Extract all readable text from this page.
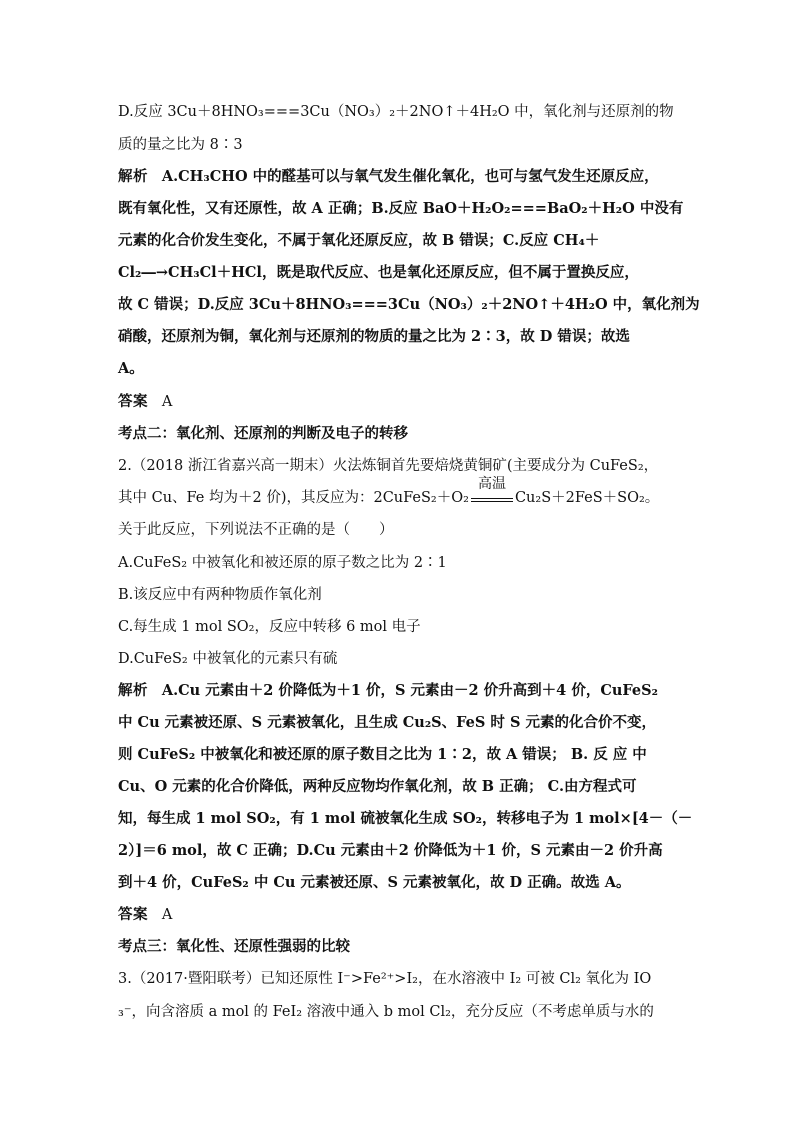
D.反应 3Cu＋8HNO₃===3Cu（NO₃）₂＋2NO↑＋4H₂O 中，氧化剂与还原剂的物
质的量之比为 8∶3
解析 A.CH₃CHO 中的醛基可以与氧气发生催化氧化，也可与氢气发生还原反应，
既有氧化性，又有还原性，故 A 正确；B.反应 BaO＋H₂O₂===BaO₂＋H₂O 中没有
元素的化合价发生变化，不属于氧化还原反应，故 B 错误；C.反应 CH₄＋
Cl₂―→CH₃Cl＋HCl，既是取代反应、也是氧化还原反应，但不属于置换反应，
故 C 错误；D.反应 3Cu＋8HNO₃===3Cu（NO₃）₂＋2NO↑＋4H₂O 中，氧化剂为
硝酸，还原剂为铜，氧化剂与还原剂的物质的量之比为 2∶3，故 D 错误；故选
A。
答案 A
考点二：氧化剂、还原剂的判断及电子的转移
2.（2018 浙江省嘉兴高一期末）火法炼铜首先要焙烧黄铜矿(主要成分为 CuFeS₂，
其中 Cu、Fe 均为＋2 价)，其反应为：2CuFeS₂＋O₂
高温
Cu₂S＋2FeS＋SO₂。
关于此反应，下列说法不正确的是（　　）
A.CuFeS₂ 中被氧化和被还原的原子数之比为 2∶1
B.该反应中有两种物质作氧化剂
C.每生成 1 mol SO₂，反应中转移 6 mol 电子
D.CuFeS₂ 中被氧化的元素只有硫
解析 A.Cu 元素由＋2 价降低为＋1 价，S 元素由－2 价升高到＋4 价，CuFeS₂
中 Cu 元素被还原、S 元素被氧化，且生成 Cu₂S、FeS 时 S 元素的化合价不变，
则 CuFeS₂ 中被氧化和被还原的原子数目之比为 1∶2，故 A 错误； B. 反 应 中
Cu、O 元素的化合价降低，两种反应物均作氧化剂，故 B 正确； C.由方程式可
知，每生成 1 mol SO₂，有 1 mol 硫被氧化生成 SO₂，转移电子为 1 mol×[4－（－
2）]＝6 mol，故 C 正确；D.Cu 元素由＋2 价降低为＋1 价，S 元素由－2 价升高
到＋4 价，CuFeS₂ 中 Cu 元素被还原、S 元素被氧化，故 D 正确。故选 A。
答案 A
考点三：氧化性、还原性强弱的比较
3.（2017·暨阳联考）已知还原性 I⁻>Fe²⁺>I₂，在水溶液中 I₂ 可被 Cl₂ 氧化为 IO
₃⁻，向含溶质 a mol 的 FeI₂ 溶液中通入 b mol Cl₂，充分反应（不考虑单质与水的
